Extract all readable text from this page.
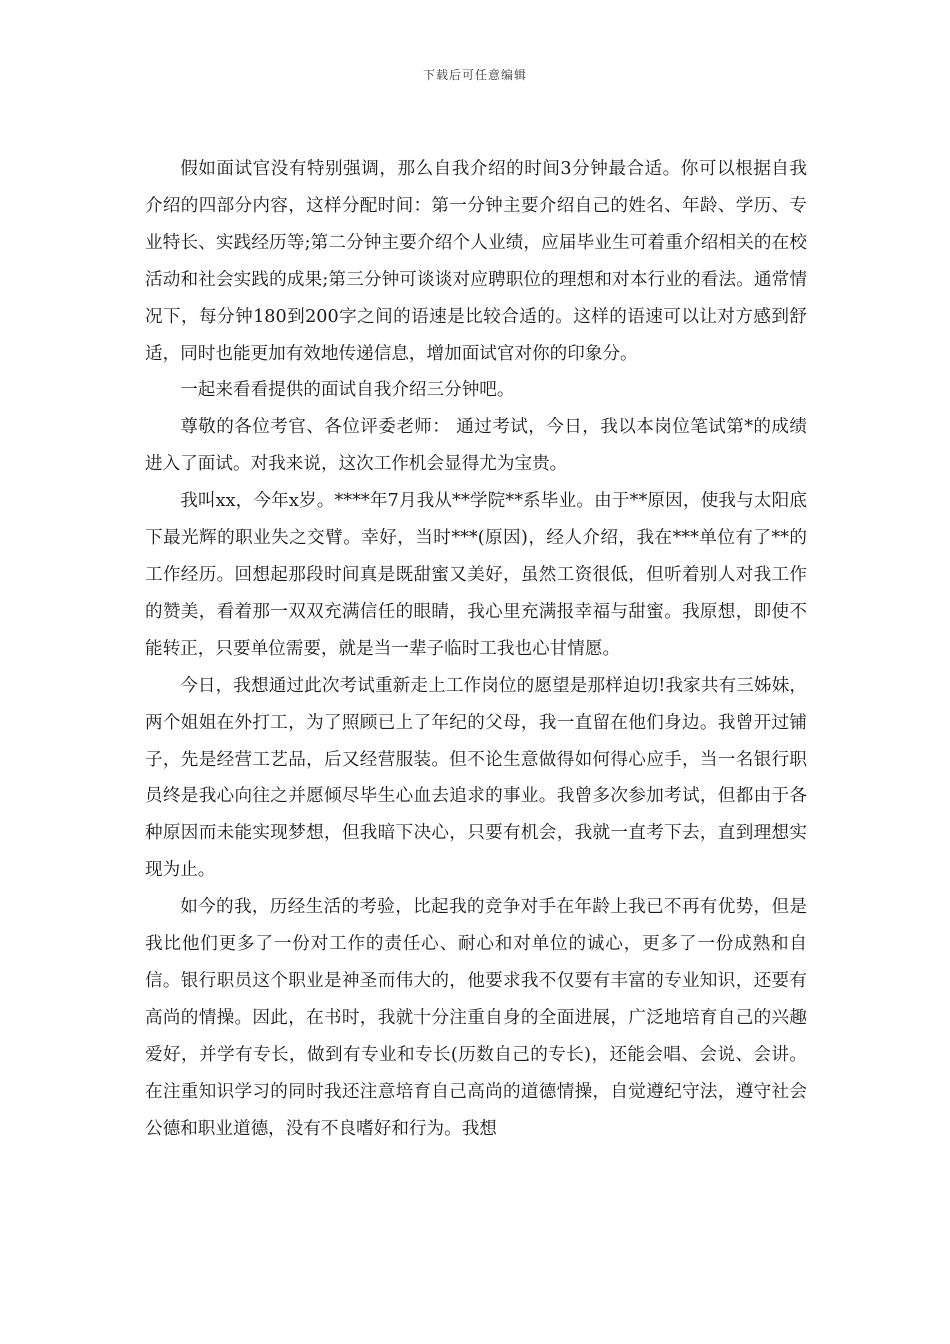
下载后可任意编辑

假如面试官没有特别强调，那么自我介绍的时间3分钟最合适。你可以根据自我介绍的四部分内容，这样分配时间：第一分钟主要介绍自己的姓名、年龄、学历、专业特长、实践经历等;第二分钟主要介绍个人业绩，应届毕业生可着重介绍相关的在校活动和社会实践的成果;第三分钟可谈谈对应聘职位的理想和对本行业的看法。通常情况下，每分钟180到200字之间的语速是比较合适的。这样的语速可以让对方感到舒适，同时也能更加有效地传递信息，增加面试官对你的印象分。

一起来看看提供的面试自我介绍三分钟吧。

尊敬的各位考官、各位评委老师： 通过考试，今日，我以本岗位笔试第*的成绩进入了面试。对我来说，这次工作机会显得尤为宝贵。

我叫xx，今年x岁。****年7月我从**学院**系毕业。由于**原因，使我与太阳底下最光辉的职业失之交臂。幸好，当时***(原因)，经人介绍，我在***单位有了**的工作经历。回想起那段时间真是既甜蜜又美好，虽然工资很低，但听着别人对我工作的赞美，看着那一双双充满信任的眼睛，我心里充满报幸福与甜蜜。我原想，即使不能转正，只要单位需要，就是当一辈子临时工我也心甘情愿。

今日，我想通过此次考试重新走上工作岗位的愿望是那样迫切!我家共有三姊妹，两个姐姐在外打工，为了照顾已上了年纪的父母，我一直留在他们身边。我曾开过铺子，先是经营工艺品，后又经营服装。但不论生意做得如何得心应手，当一名银行职员终是我心向往之并愿倾尽毕生心血去追求的事业。我曾多次参加考试，但都由于各种原因而未能实现梦想，但我暗下决心，只要有机会，我就一直考下去，直到理想实现为止。

如今的我，历经生活的考验，比起我的竞争对手在年龄上我已不再有优势，但是我比他们更多了一份对工作的责任心、耐心和对单位的诚心，更多了一份成熟和自信。银行职员这个职业是神圣而伟大的，他要求我不仅要有丰富的专业知识，还要有高尚的情操。因此，在书时，我就十分注重自身的全面进展，广泛地培育自己的兴趣爱好，并学有专长，做到有专业和专长(历数自己的专长)，还能会唱、会说、会讲。在注重知识学习的同时我还注意培育自己高尚的道德情操，自觉遵纪守法，遵守社会公德和职业道德，没有不良嗜好和行为。我想
